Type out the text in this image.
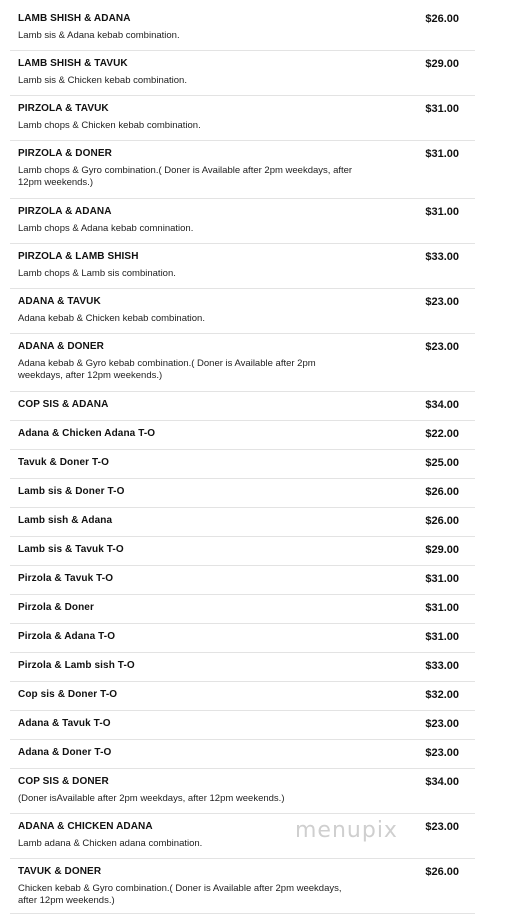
LAMB SHISH & ADANA	$26.00
Lamb sis & Adana kebab combination.
LAMB SHISH & TAVUK	$29.00
Lamb sis & Chicken kebab combination.
PIRZOLA & TAVUK	$31.00
Lamb chops & Chicken kebab combination.
PIRZOLA & DONER	$31.00
Lamb chops & Gyro combination.( Doner is Available after 2pm weekdays, after 12pm weekends.)
PIRZOLA & ADANA	$31.00
Lamb chops & Adana kebab comnination.
PIRZOLA & LAMB SHISH	$33.00
Lamb chops & Lamb sis combination.
ADANA & TAVUK	$23.00
Adana kebab & Chicken kebab combination.
ADANA & DONER	$23.00
Adana kebab & Gyro kebab combination.( Doner is Available after 2pm weekdays, after 12pm weekends.)
COP SIS & ADANA	$34.00
Adana & Chicken Adana T-O	$22.00
Tavuk & Doner T-O	$25.00
Lamb sis & Doner T-O	$26.00
Lamb sish & Adana	$26.00
Lamb sis & Tavuk T-O	$29.00
Pirzola & Tavuk T-O	$31.00
Pirzola & Doner	$31.00
Pirzola & Adana T-O	$31.00
Pirzola & Lamb sish T-O	$33.00
Cop sis & Doner T-O	$32.00
Adana & Tavuk T-O	$23.00
Adana & Doner T-O	$23.00
COP SIS & DONER	$34.00
(Doner isAvailable after 2pm weekdays, after 12pm weekends.)
ADANA & CHICKEN ADANA	$23.00
Lamb adana & Chicken adana combination.
TAVUK & DONER	$26.00
Chicken kebab & Gyro combination.( Doner is Available after 2pm weekdays, after 12pm weekends.)
menupix
